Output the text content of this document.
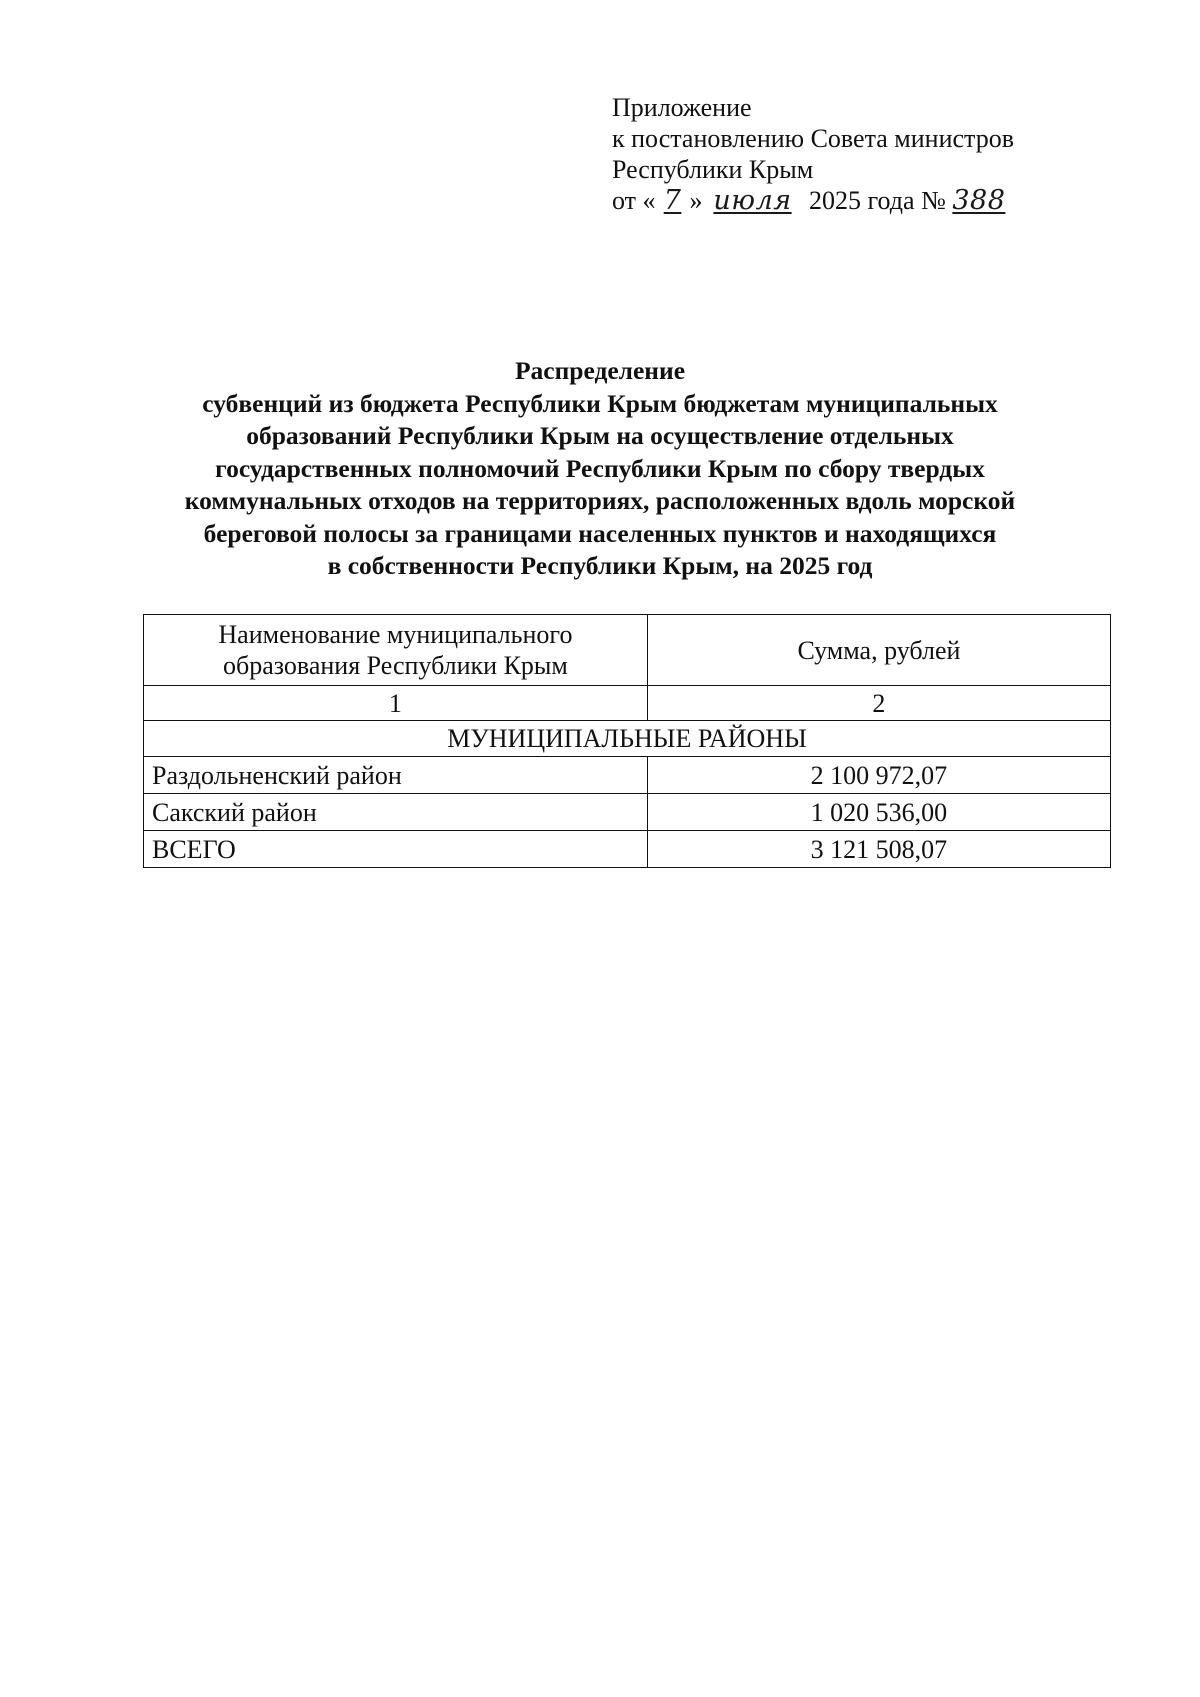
Приложение
к постановлению Совета министров
Республики Крым
от « 7 » июля 2025 года № 388
Распределение
субвенций из бюджета Республики Крым бюджетам муниципальных
образований Республики Крым на осуществление отдельных
государственных полномочий Республики Крым по сбору твердых
коммунальных отходов на территориях, расположенных вдоль морской
береговой полосы за границами населенных пунктов и находящихся
в собственности Республики Крым, на 2025 год
Наименование муниципального
образования Республики Крым	Сумма, рублей
1	2
МУНИЦИПАЛЬНЫЕ РАЙОНЫ	
Раздольненский район	2 100 972,07
Сакский район	1 020 536,00
ВСЕГО	3 121 508,07
